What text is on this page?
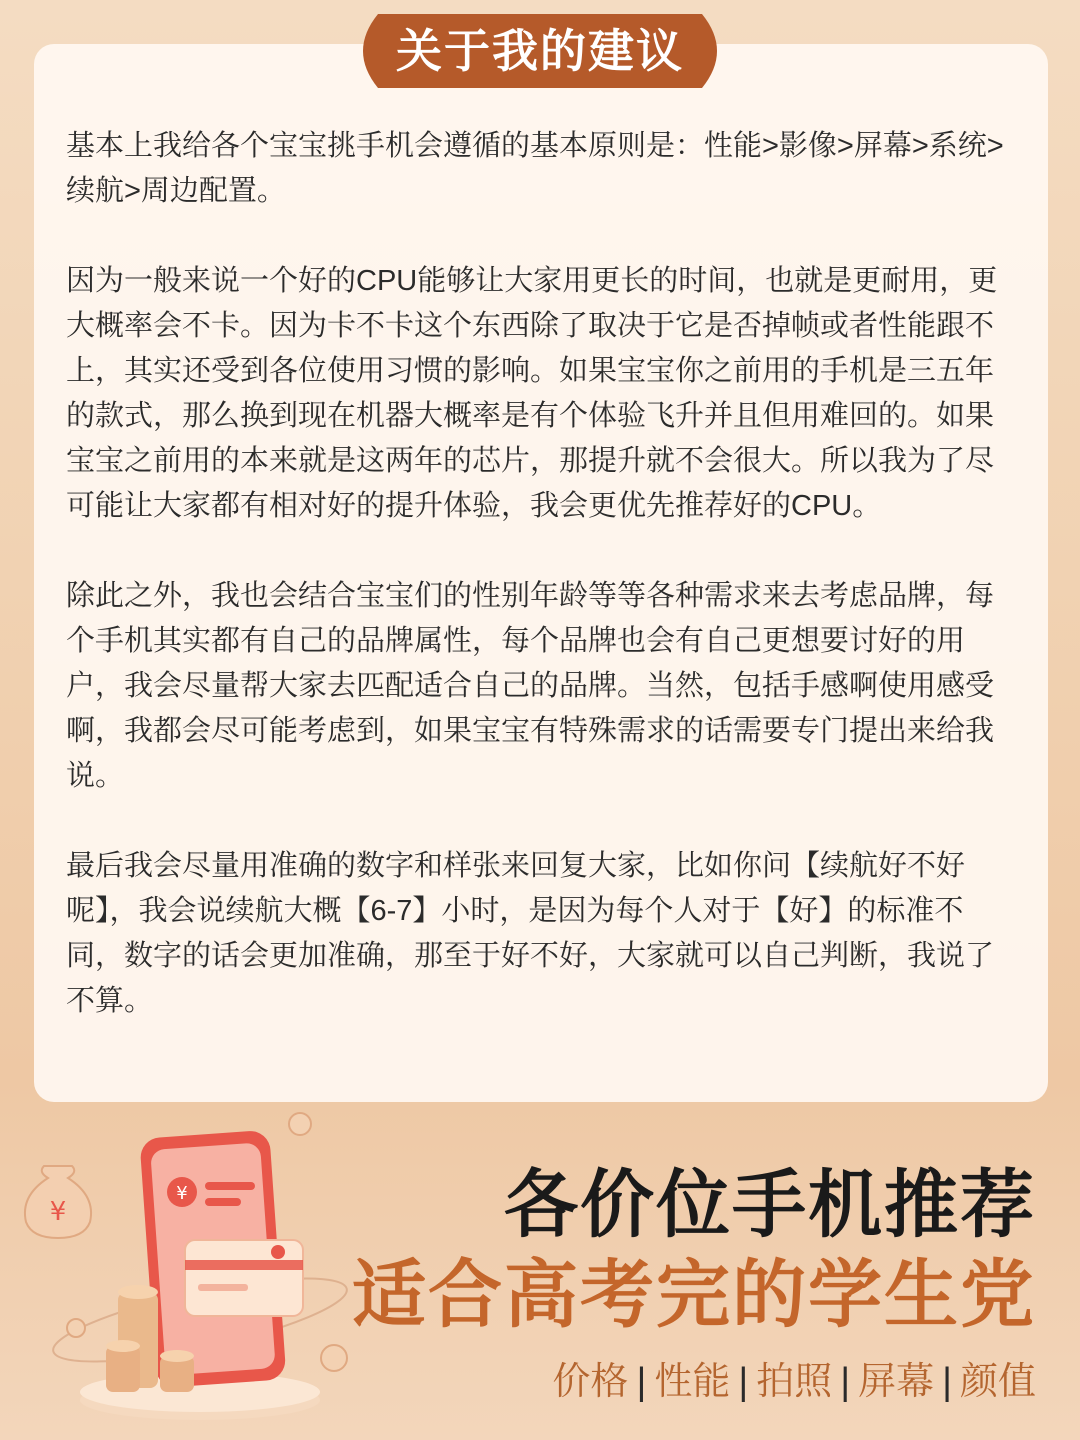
关于我的建议

基本上我给各个宝宝挑手机会遵循的基本原则是：性能>影像>屏幕>系统>续航>周边配置。

因为一般来说一个好的CPU能够让大家用更长的时间，也就是更耐用，更大概率会不卡。因为卡不卡这个东西除了取决于它是否掉帧或者性能跟不上，其实还受到各位使用习惯的影响。如果宝宝你之前用的手机是三五年的款式，那么换到现在机器大概率是有个体验飞升并且但用难回的。如果宝宝之前用的本来就是这两年的芯片，那提升就不会很大。所以我为了尽可能让大家都有相对好的提升体验，我会更优先推荐好的CPU。

除此之外，我也会结合宝宝们的性别年龄等等各种需求来去考虑品牌，每个手机其实都有自己的品牌属性，每个品牌也会有自己更想要讨好的用户，我会尽量帮大家去匹配适合自己的品牌。当然，包括手感啊使用感受啊，我都会尽可能考虑到，如果宝宝有特殊需求的话需要专门提出来给我说。

最后我会尽量用准确的数字和样张来回复大家，比如你问【续航好不好呢】，我会说续航大概【6-7】小时，是因为每个人对于【好】的标准不同，数字的话会更加准确，那至于好不好，大家就可以自己判断，我说了不算。

¥
¥	各价位手机推荐
适合高考完的学生党
价格 | 性能 | 拍照 | 屏幕 | 颜值
